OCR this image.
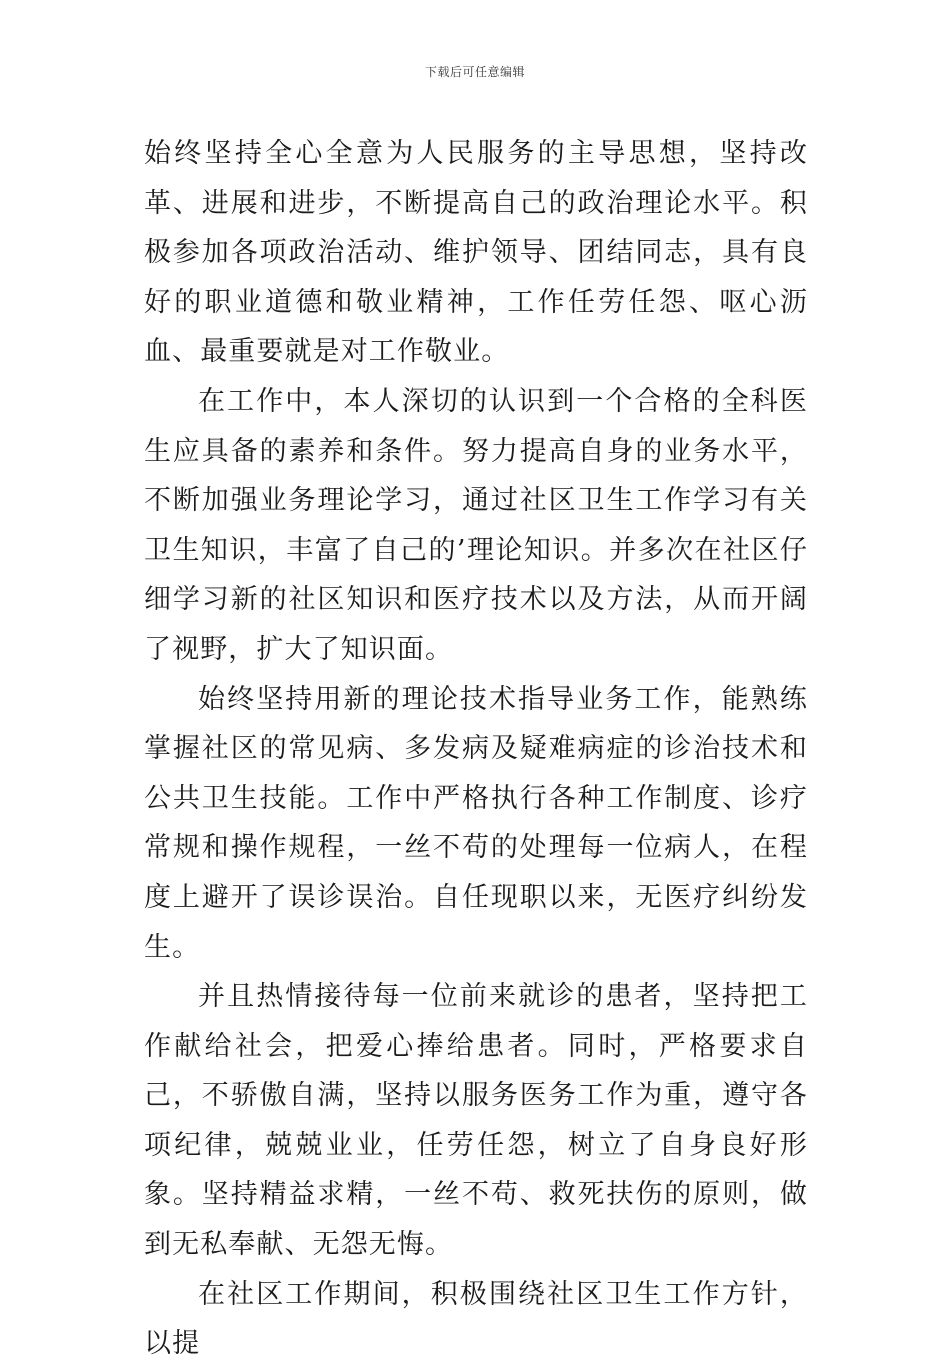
下载后可任意编辑

始终坚持全心全意为人民服务的主导思想，坚持改革、进展和进步，不断提高自己的政治理论水平。积极参加各项政治活动、维护领导、团结同志，具有良好的职业道德和敬业精神，工作任劳任怨、呕心沥血、最重要就是对工作敬业。

在工作中，本人深切的认识到一个合格的全科医生应具备的素养和条件。努力提高自身的业务水平，不断加强业务理论学习，通过社区卫生工作学习有关卫生知识，丰富了自己的’理论知识。并多次在社区仔细学习新的社区知识和医疗技术以及方法，从而开阔了视野，扩大了知识面。

始终坚持用新的理论技术指导业务工作，能熟练掌握社区的常见病、多发病及疑难病症的诊治技术和公共卫生技能。工作中严格执行各种工作制度、诊疗常规和操作规程，一丝不苟的处理每一位病人，在程度上避开了误诊误治。自任现职以来，无医疗纠纷发生。

并且热情接待每一位前来就诊的患者，坚持把工作献给社会，把爱心捧给患者。同时，严格要求自己，不骄傲自满，坚持以服务医务工作为重，遵守各项纪律，兢兢业业，任劳任怨，树立了自身良好形象。坚持精益求精，一丝不苟、救死扶伤的原则，做到无私奉献、无怨无悔。

在社区工作期间，积极围绕社区卫生工作方针，以提
